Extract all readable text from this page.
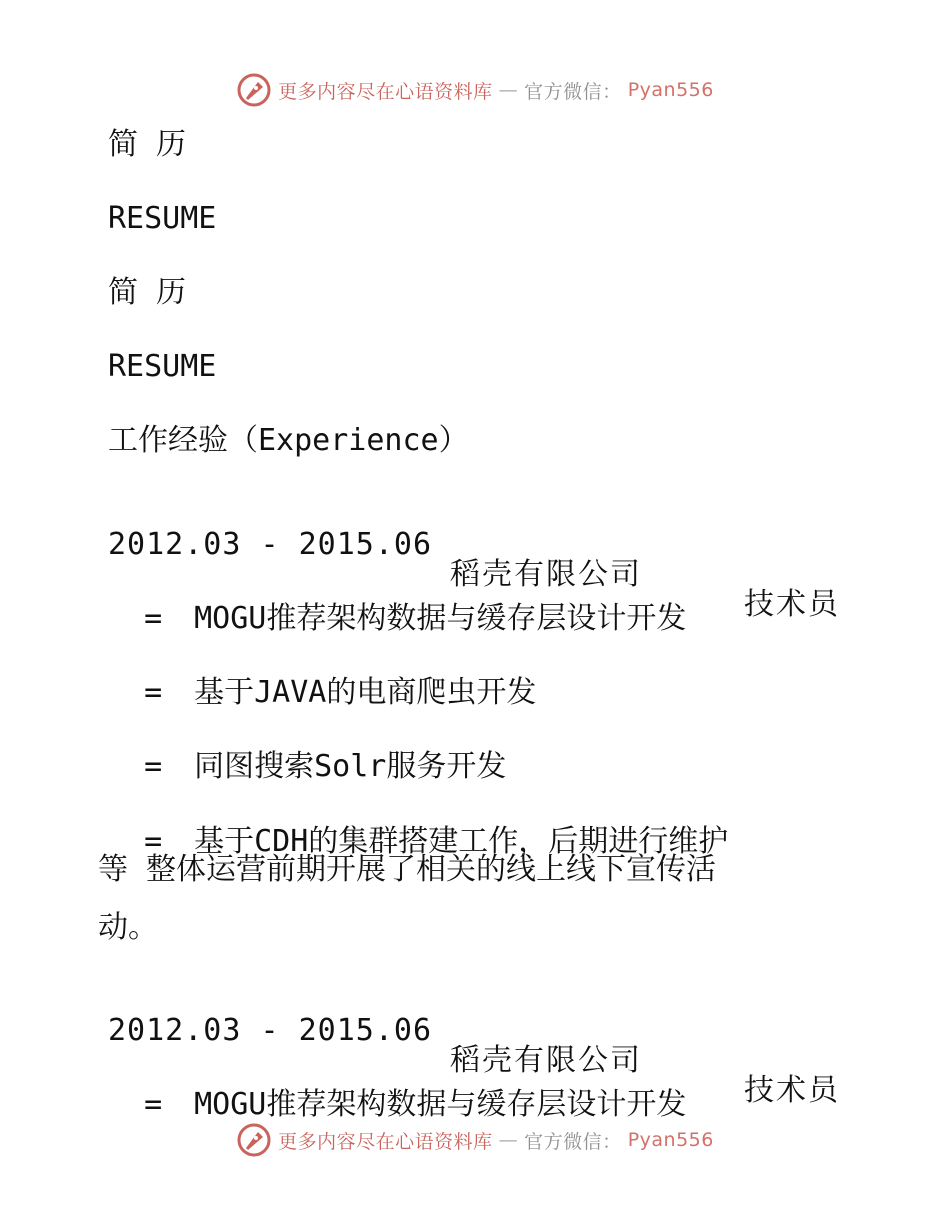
更多内容尽在心语资料库 — 官方微信： Pyan556
简 历
RESUME
简 历
RESUME
工作经验（Experience）

2012.03 - 2015.06

稻壳有限公司

技术员

= MOGU推荐架构数据与缓存层设计开发

= 基于JAVA的电商爬虫开发

= 同图搜索Solr服务开发

= 基于CDH的集群搭建工作，后期进行维护

等 整体运营前期开展了相关的线上线下宣传活
动。

2012.03 - 2015.06

稻壳有限公司

技术员

= MOGU推荐架构数据与缓存层设计开发

更多内容尽在心语资料库 — 官方微信： Pyan556
